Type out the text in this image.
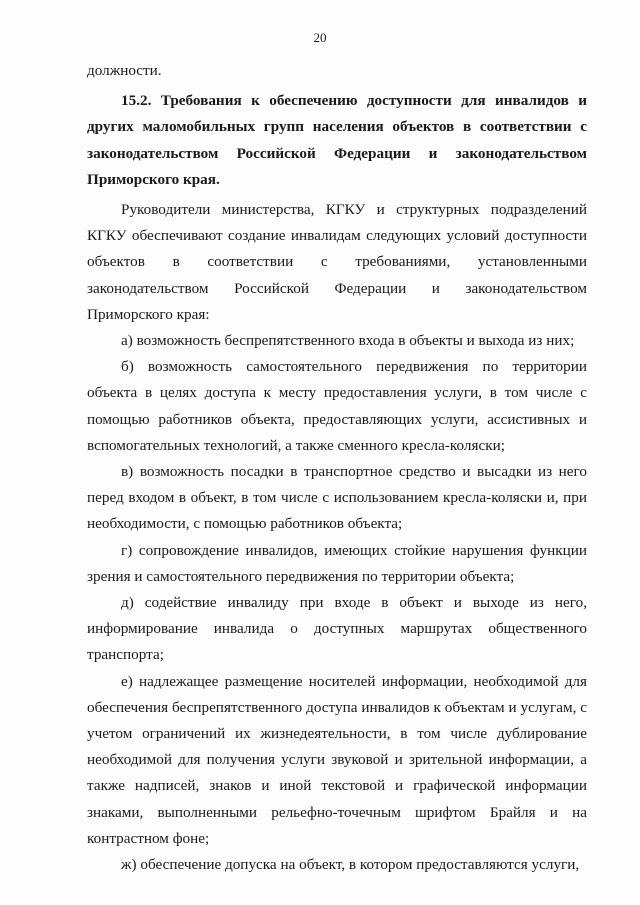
20

должности.

15.2. Требования к обеспечению доступности для инвалидов и других маломобильных групп населения объектов в соответствии с законодательством Российской Федерации и законодательством Приморского края.

Руководители министерства, КГКУ и структурных подразделений КГКУ обеспечивают создание инвалидам следующих условий доступности объектов в соответствии с требованиями, установленными законодательством Российской Федерации и законодательством Приморского края:

а) возможность беспрепятственного входа в объекты и выхода из них;

б) возможность самостоятельного передвижения по территории объекта в целях доступа к месту предоставления услуги, в том числе с помощью работников объекта, предоставляющих услуги, ассистивных и вспомогательных технологий, а также сменного кресла-коляски;

в) возможность посадки в транспортное средство и высадки из него перед входом в объект, в том числе с использованием кресла-коляски и, при необходимости, с помощью работников объекта;

г) сопровождение инвалидов, имеющих стойкие нарушения функции зрения и самостоятельного передвижения по территории объекта;

д) содействие инвалиду при входе в объект и выходе из него, информирование инвалида о доступных маршрутах общественного транспорта;

е) надлежащее размещение носителей информации, необходимой для обеспечения беспрепятственного доступа инвалидов к объектам и услугам, с учетом ограничений их жизнедеятельности, в том числе дублирование необходимой для получения услуги звуковой и зрительной информации, а также надписей, знаков и иной текстовой и графической информации знаками, выполненными рельефно-точечным шрифтом Брайля и на контрастном фоне;

ж) обеспечение допуска на объект, в котором предоставляются услуги,
